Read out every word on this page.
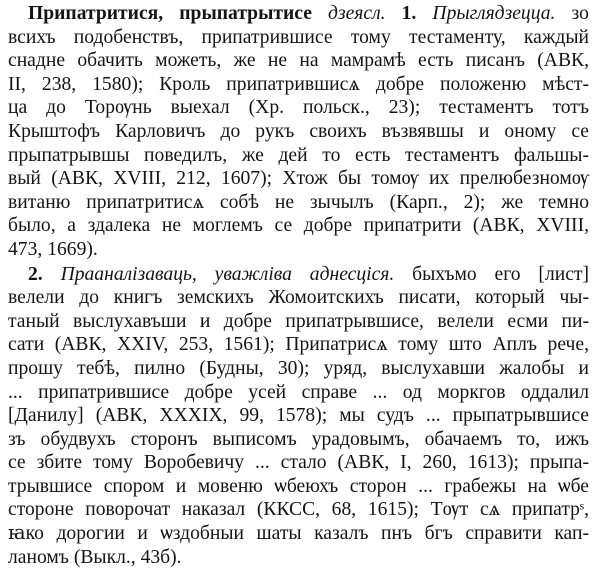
Припатритися, прыпатрытисе дзеясл. 1. Прыглядзецца. зо
всихъ подобенствъ, припатрившисе тому тестаменту, каждый
снадне обачить можеть, же не на мамрамѣ есть писанъ (АВК,
II, 238, 1580); Кроль припатрившисѧ добре положеню мѣст-
ца до Торѹнь выехал (Хр. польск., 23); тестаментъ тотъ
Крыштофъ Карловичъ до рукъ своихъ възвявшы и оному се
прыпатрывшы поведилъ, же дей то есть тестаментъ фальшы-
вый (АВК, XVIII, 212, 1607); Хтож бы томѹ их прелюбезномѹ
витаню припатритисѧ собѣ не зычылъ (Карп., 2); же темно
было, а здалека не моглемъ се добре припатрити (АВК, XVIII,
473, 1669).
2. Прааналізаваць, уважліва аднесціся. быхъмо его [лист]
велели до книгъ земскихъ Жомоитскихъ писати, который чы-
таный выслухавъши и добре припатрывшисе, велели есми пи-
сати (АВК, XXIV, 253, 1561); Припатрисѧ тому што Аплъ рече,
прошу тебѣ, пилно (Будны, 30); уряд, выслухавши жалобы и
... припатрившисе добре усей справе ... од моркгов оддалил
[Данилу] (АВК, XXXIX, 99, 1578); мы судъ ... прыпатрывшисе
зъ обудвухъ сторонъ выписомъ урадовымъ, обачаемъ то, ижъ
се збите тому Воробевичу ... стало (АВК, I, 260, 1613); прыпа-
трывшисе спором и мовеню ѡбеюхъ сторон ... грабежы на ѡбе
стороне поворочат наказал (ККСС, 68, 1615); Тѹт сѧ припатрˢ,
ꙗко дорогии и ѡздобныи шаты казалъ пнъ бгъ справити кап-
ланомъ (Выкл., 43б).
